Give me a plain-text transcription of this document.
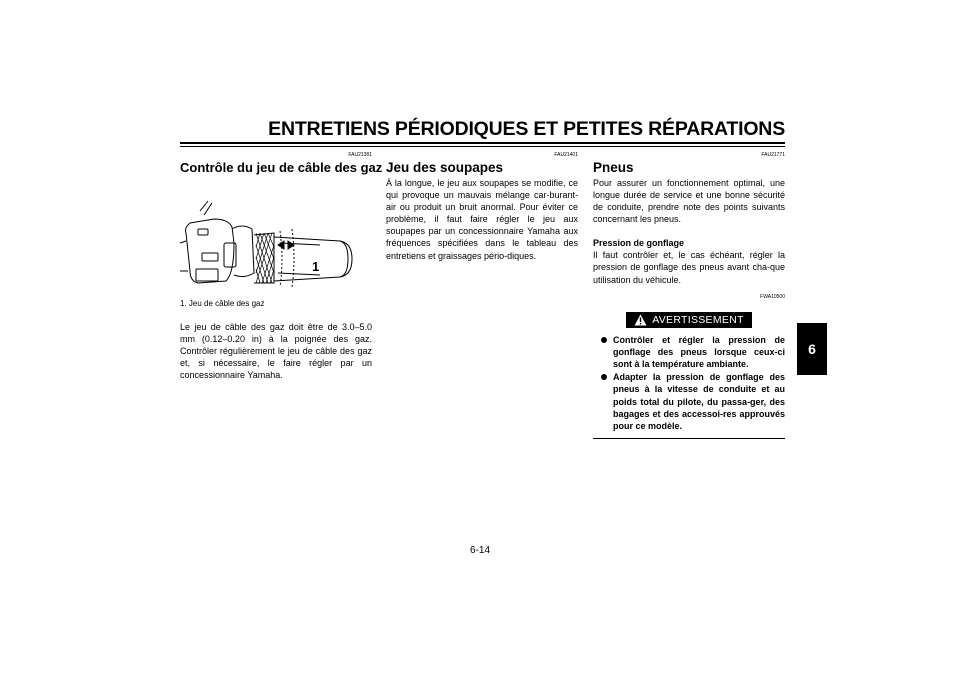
ENTRETIENS PÉRIODIQUES ET PETITES RÉPARATIONS
FAU21381
Contrôle du jeu de câble des gaz
1
1. Jeu de câble des gaz

Le jeu de câble des gaz doit être de 3.0–5.0 mm (0.12–0.20 in) à la poignée des gaz. Contrôler régulièrement le jeu de câble des gaz et, si nécessaire, le faire régler par un concessionnaire Yamaha.

FAU21401
Jeu des soupapes

À la longue, le jeu aux soupapes se modifie, ce qui provoque un mauvais mélange car-burant-air ou produit un bruit anormal. Pour éviter ce problème, il faut faire régler le jeu aux soupapes par un concessionnaire Yamaha aux fréquences spécifiées dans le tableau des entretiens et graissages pério-diques.

FAU21771
Pneus

Pour assurer un fonctionnement optimal, une longue durée de service et une bonne sécurité de conduite, prendre note des points suivants concernant les pneus.

Pression de gonflage

Il faut contrôler et, le cas échéant, régler la pression de gonflage des pneus avant cha-que utilisation du véhicule.

FWA10500
AVERTISSEMENT
Contrôler et régler la pression de gonflage des pneus lorsque ceux-ci sont à la température ambiante.
Adapter la pression de gonflage des pneus à la vitesse de conduite et au poids total du pilote, du passa-ger, des bagages et des accessoi-res approuvés pour ce modèle.
6
6-14
